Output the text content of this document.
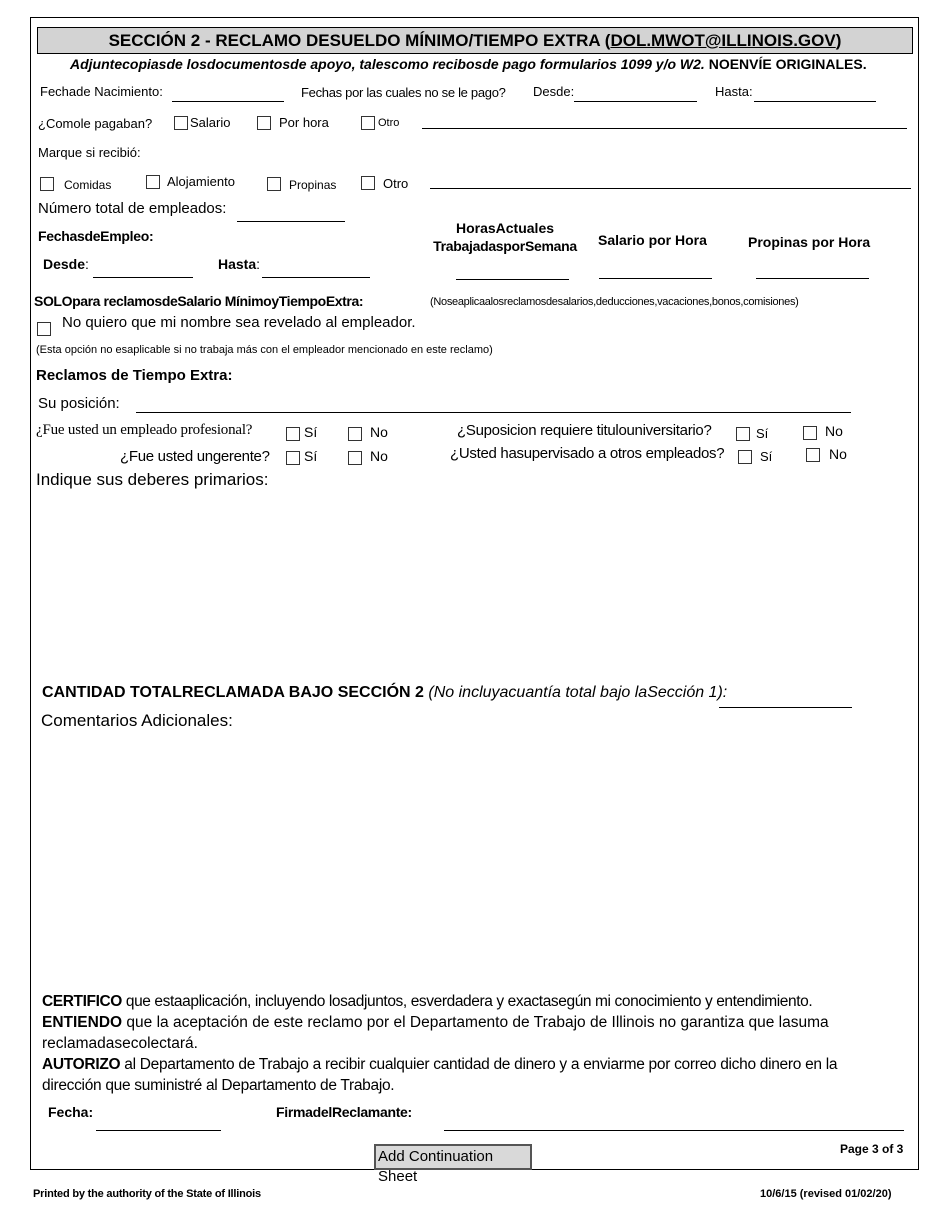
SECCIÓN 2 - RECLAMO DESUELDO MÍNIMO/TIEMPO EXTRA (DOL.MWOT@ILLINOIS.GOV)
Adjuntecopiasde losdocumentosde apoyo, talescomo recibosde pago formularios 1099 y/o W2. NOENVÍE ORIGINALES.
Fechade Nacimiento:	Fechas por las cuales no se le pago? Desde:	Hasta:
¿Comole pagaban?	Salario	Por hora	Otro
Marque si recibió:
Comidas	Alojamiento	Propinas	Otro
Número total de empleados:
FechasdeEmpleo:	HorasActuales
TrabajadasporSemana	Salario por Hora	Propinas por Hora
Desde:	Hasta:
SOLOpara reclamosdeSalario MínimoyTiempoExtra:	(Noseaplicaalosreclamosdesalarios,deducciones,vacaciones,bonos,comisiones)
No quiero que mi nombre sea revelado al empleador.
(Esta opción no esaplicable si no trabaja más con el empleador mencionado en este reclamo)
Reclamos de Tiempo Extra:
Su posición:
¿Fue usted un empleado profesional?	Sí	No	¿Suposicion requiere titulouniversitario?	Sí	No
¿Fue usted ungerente? Sí	No	¿Usted hasupervisado a otros empleados?	Sí	No
Indique sus deberes primarios:
CANTIDAD TOTALRECLAMADA BAJO SECCIÓN 2 (No incluyacuantía total bajo laSección 1):
Comentarios Adicionales:
CERTIFICO que estaaplicación, incluyendo losadjuntos, esverdadera y exactasegún mi conocimiento y entendimiento.
ENTIENDO que la aceptación de este reclamo por el Departamento de Trabajo de Illinois no garantiza que lasuma reclamadasecolectará.
AUTORIZO al Departamento de Trabajo a recibir cualquier cantidad de dinero y a enviarme por correo dicho dinero en la dirección que suministré al Departamento de Trabajo.
Fecha:	FirmadelReclamante:
Add Continuation Sheet
Page 3 of 3
Printed by the authority of the State of Illinois	10/6/15 (revised 01/02/20)
